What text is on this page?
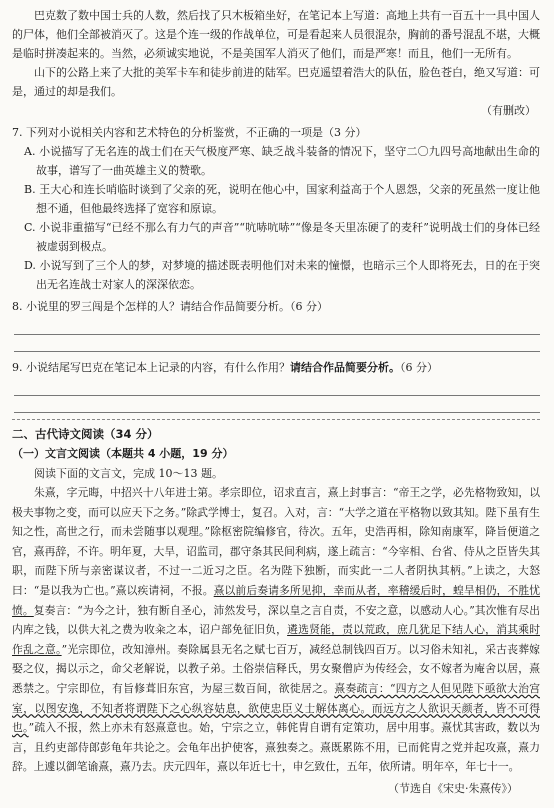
巴克数了数中国士兵的人数，然后找了只木板箱坐好，在笔记本上写道：高地上共有一百五十一具中国人的尸体，他们全部被消灭了。这是个连一级的作战单位，可是看起来人员很混杂，胸前的番号混乱不堪，大概是临时拼凑起来的。当然，必须诚实地说，不是美国军人消灭了他们，而是严寒！而且，他们一无所有。

山下的公路上来了大批的美军卡车和徒步前进的陆军。巴克遥望着浩大的队伍，脸色苍白，绝又写道：可是，通过的却是我们。

（有删改）

7. 下列对小说相关内容和艺术特色的分析鉴赏，不正确的一项是（3 分）

A. 小说描写了无名连的战士们在天气极度严寒、缺乏战斗装备的情况下，坚守二〇九四号高地献出生命的故事，谱写了一曲英雄主义的赞歌。

B. 王大心和连长哨临时谈到了父亲的死，说明在他心中，国家利益高于个人恩怨，父亲的死虽然一度让他想不通，但他最终选择了宽容和原谅。

C. 小说非重描写“已经不那么有力气的声音”“吭哧吭哧”“像是冬天里冻硬了的麦秆”说明战士们的身体已经被虚弱到极点。

D. 小说写到了三个人的梦，对梦境的描述既表明他们对未来的憧憬，也暗示三个人即将死去，日的在于突出无名连战士对家人的深深依恋。

8. 小说里的罗三闯是个怎样的人？请结合作品简要分析。（6 分）

9. 小说结尾写巴克在笔记本上记录的内容，有什么作用？请结合作品简要分析。（6 分）

二、古代诗文阅读（34 分）

（一）文言文阅读（本题共 4 小题，19 分）

阅读下面的文言文，完成 10～13 题。

朱熹，字元晦，中招兴十八年进士第。孝宗即位，诏求直言，熹上封事言：“帝王之学，必先格物致知，以极夫事物之变，而可以应天下之务。”除武学博士，复召。入对，言：“大学之道在平格物以致其知。陛下虽有生知之性，高世之行，而未尝随事以观理。”除枢密院编修官，待次。五年，史浩再相，除知南康军，降旨便道之官，熹再辞，不许。明年夏，大旱，诏监司，郡守条其民间利病，遂上疏言：“今宰相、台省、侍从之臣皆失其职，而陛下所与亲密谋议者，不过一二近习之臣。名为陛下独断，而实此一二人者阴执其柄。”上读之，大怒曰：“是以我为亡也。”熹以疾请祠，不报。熹以前后奏请多所见抑，幸而从者，率稽缓后时，蝗旱相仍，不胜忧愤。复奏言：“为今之计，独有断自圣心，沛然发号，深以皇之言自责，不安之意，以感动人心。”其次惟有尽出内库之钱，以供大礼之费为收籴之本，诏户部免征旧负，遴选贤能，责以荒政，庶几犹足下结人心，消其乘时作乱之意。”光宗即位，改知漳州。奏除属县无名之赋七百万，减经总制钱四百万。以习俗未知礼，采古丧葬嫁娶之仪，揭以示之，命父老解说，以教子弟。土俗崇信释氏，男女聚僧庐为传经会，女不嫁者为庵舍以居，熹悉禁之。宁宗即位，有旨修葺旧东宫，为屋三数百间，欲徙居之。熹奏疏言：“四方之人但见陛下亟欲大治宫室，以图安逸，不知者将谓陛下之心纵容姑息，欲使忠臣义士解体离心。而远方之人欲识天颜者，皆不可得也。”疏入不报，然上亦未有怒熹意也。始，宁宗之立，韩侂胄自谓有定策功，居中用事。熹忧其害政，数以为言，且约吏部侍郎彭龟年共论之。会龟年出护使客，熹独奏之。熹既累陈不用，已而侂胄之党并起攻熹，熹力辞。上遽以御笔谕熹，熹乃去。庆元四年，熹以年近七十，申乞致仕，五年，依所请。明年卒，年七十一。

（节选自《宋史·朱熹传》）
